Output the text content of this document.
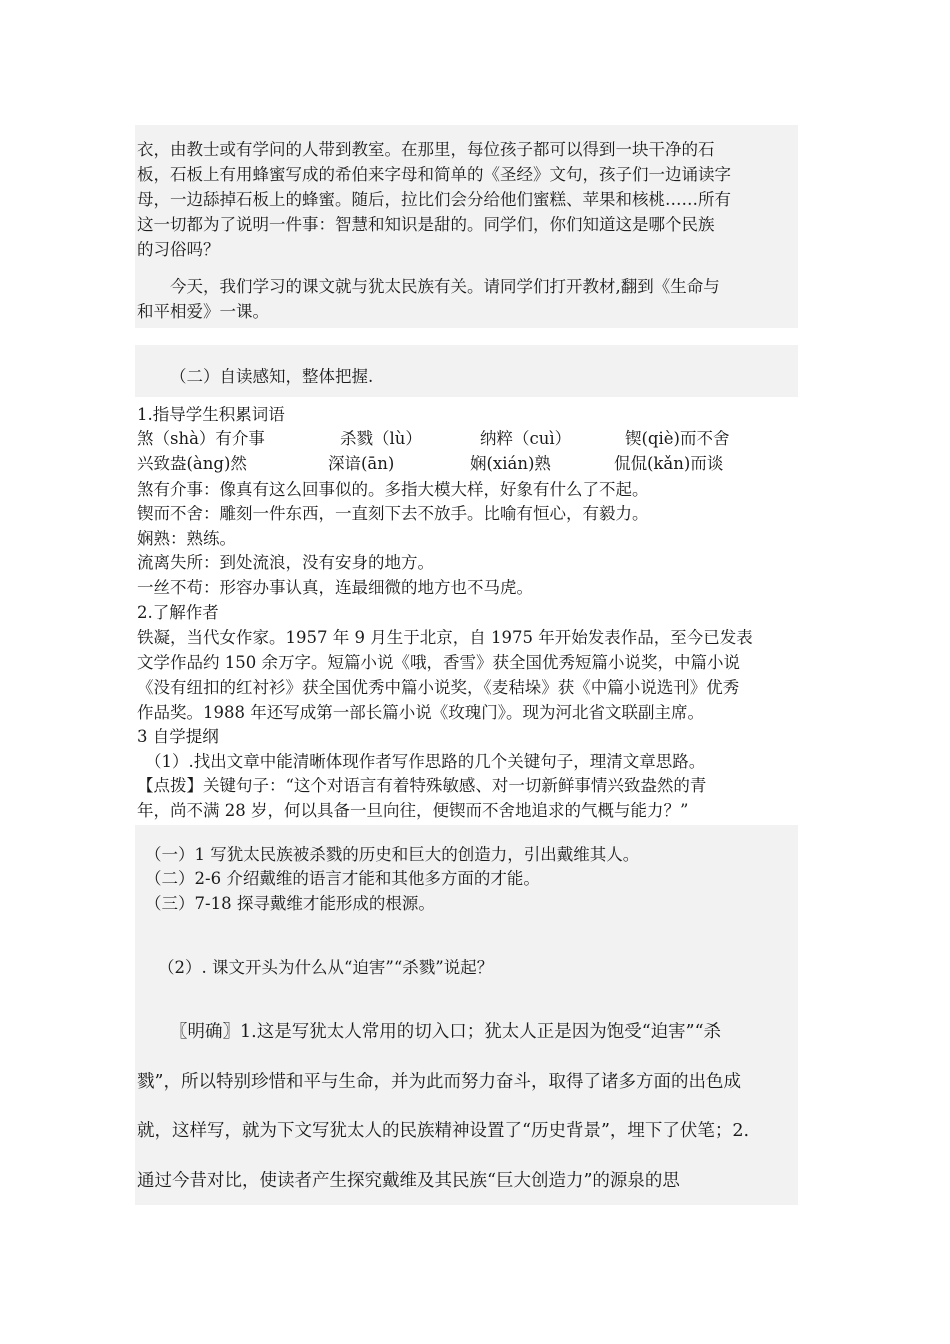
衣，由教士或有学问的人带到教室。在那里，每位孩子都可以得到一块干净的石
板，石板上有用蜂蜜写成的希伯来字母和简单的《圣经》文句，孩子们一边诵读字
母，一边舔掉石板上的蜂蜜。随后，拉比们会分给他们蜜糕、苹果和核桃……所有
这一切都为了说明一件事：智慧和知识是甜的。同学们，你们知道这是哪个民族
的习俗吗？
今天，我们学习的课文就与犹太民族有关。请同学们打开教材,翻到《生命与
和平相爱》一课。
（二）自读感知，整体把握.
1.指导学生积累词语
煞（shà）有介事	杀戮（lù）	纳粹（cuì）	锲(qiè)而不舍
兴致盎(àng)然	深谙(ān)	娴(xián)熟	侃侃(kǎn)而谈
煞有介事：像真有这么回事似的。多指大模大样，好象有什么了不起。
锲而不舍：雕刻一件东西，一直刻下去不放手。比喻有恒心，有毅力。
娴熟：熟练。
流离失所：到处流浪，没有安身的地方。
一丝不苟：形容办事认真，连最细微的地方也不马虎。
2.了解作者
铁凝，当代女作家。1957 年 9 月生于北京，自 1975 年开始发表作品，至今已发表
文学作品约 150 余万字。短篇小说《哦，香雪》获全国优秀短篇小说奖，中篇小说
《没有纽扣的红衬衫》获全国优秀中篇小说奖，《麦秸垛》获《中篇小说选刊》优秀
作品奖。1988 年还写成第一部长篇小说《玫瑰门》。现为河北省文联副主席。
3 自学提纲
（1）.找出文章中能清晰体现作者写作思路的几个关键句子，理清文章思路。
【点拨】关键句子：“这个对语言有着特殊敏感、对一切新鲜事情兴致盎然的青
年，尚不满 28 岁，何以具备一旦向往，便锲而不舍地追求的气概与能力？”
（一）1 写犹太民族被杀戮的历史和巨大的创造力，引出戴维其人。
（二）2-6 介绍戴维的语言才能和其他多方面的才能。
（三）7-18 探寻戴维才能形成的根源。
（2）. 课文开头为什么从“迫害”“杀戮”说起？
〖明确〗1.这是写犹太人常用的切入口；犹太人正是因为饱受“迫害”“杀
戮”，所以特别珍惜和平与生命，并为此而努力奋斗，取得了诸多方面的出色成
就，这样写，就为下文写犹太人的民族精神设置了“历史背景”，埋下了伏笔；2.
通过今昔对比，使读者产生探究戴维及其民族“巨大创造力”的源泉的思
